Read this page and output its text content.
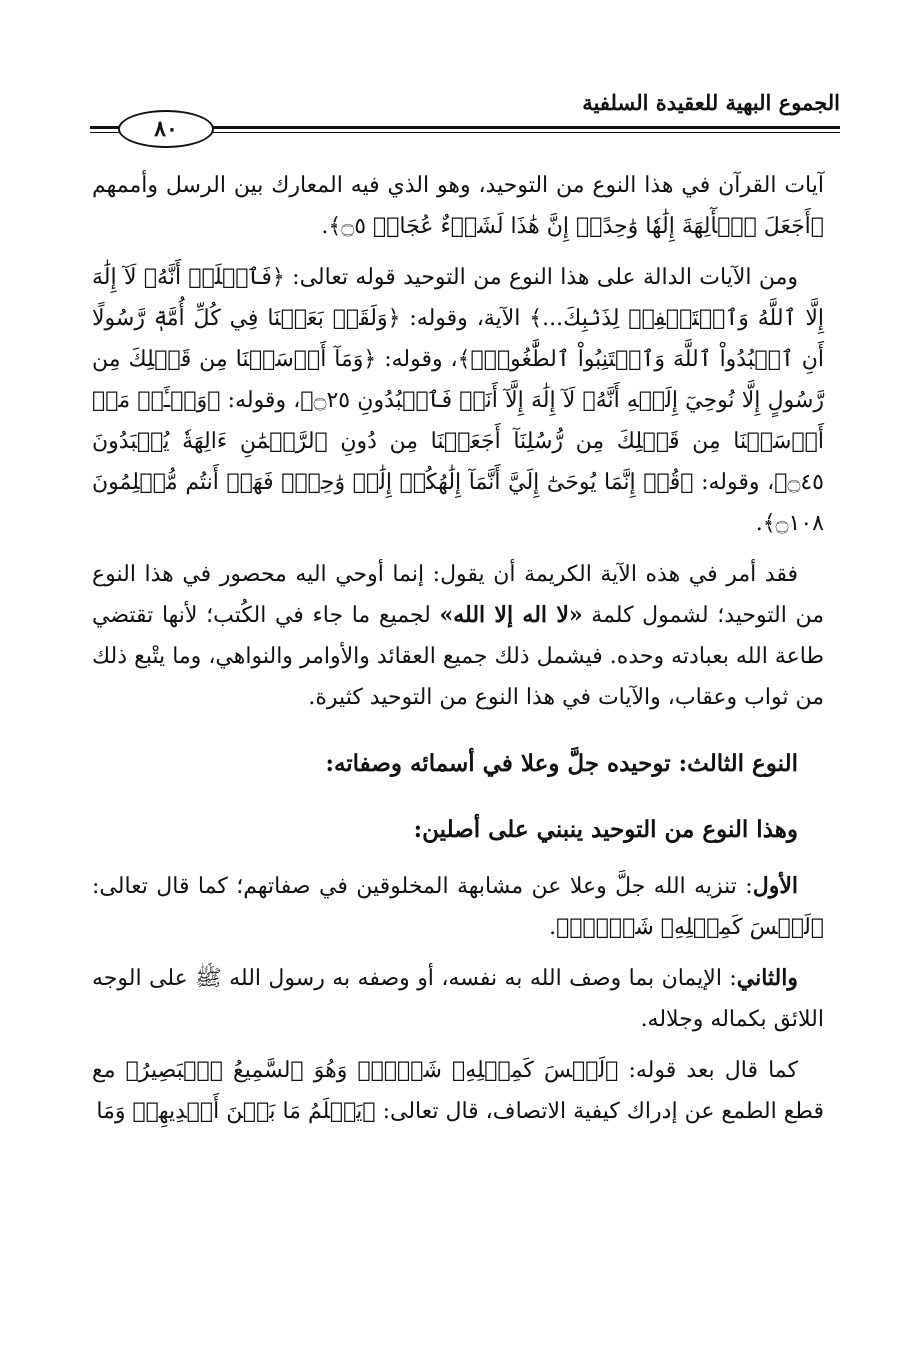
الجموع البهية للعقيدة السلفية
٨٠

آيات القرآن في هذا النوع من التوحيد، وهو الذي فيه المعارك بين الرسل وأممهم ﴿أَجَعَلَ ٱلۡأٓلِهَةَ إِلَٰهٗا وَٰحِدًاۖ إِنَّ هَٰذَا لَشَيۡءٌ عُجَابٞ ۝٥﴾.

ومن الآيات الدالة على هذا النوع من التوحيد قوله تعالى: ﴿فَٱعۡلَمۡ أَنَّهُۥ لَآ إِلَٰهَ إِلَّا ٱللَّهُ وَٱسۡتَغۡفِرۡ لِذَنۢبِكَ...﴾ الآية، وقوله: ﴿وَلَقَدۡ بَعَثۡنَا فِي كُلِّ أُمَّةٖ رَّسُولًا أَنِ ٱعۡبُدُواْ ٱللَّهَ وَٱجۡتَنِبُواْ ٱلطَّٰغُوتَۖ﴾، وقوله: ﴿وَمَآ أَرۡسَلۡنَا مِن قَبۡلِكَ مِن رَّسُولٍ إِلَّا نُوحِيٓ إِلَيۡهِ أَنَّهُۥ لَآ إِلَٰهَ إِلَّآ أَنَا۠ فَٱعۡبُدُونِ ۝٢٥﴾، وقوله: ﴿وَسۡـَٔلۡ مَنۡ أَرۡسَلۡنَا مِن قَبۡلِكَ مِن رُّسُلِنَآ أَجَعَلۡنَا مِن دُونِ ٱلرَّحۡمَٰنِ ءَالِهَةٗ يُعۡبَدُونَ ۝٤٥﴾، وقوله: ﴿قُلۡ إِنَّمَا يُوحَىٰٓ إِلَيَّ أَنَّمَآ إِلَٰهُكُمۡ إِلَٰهٞ وَٰحِدٞۖ فَهَلۡ أَنتُم مُّسۡلِمُونَ ۝١٠٨﴾.

فقد أمر في هذه الآية الكريمة أن يقول: إنما أوحي اليه محصور في هذا النوع من التوحيد؛ لشمول كلمة «لا اله إلا الله» لجميع ما جاء في الكُتب؛ لأنها تقتضي طاعة الله بعبادته وحده. فيشمل ذلك جميع العقائد والأوامر والنواهي، وما يتْبع ذلك من ثواب وعقاب، والآيات في هذا النوع من التوحيد كثيرة.

النوع الثالث: توحيده جلَّ وعلا في أسمائه وصفاته:
وهذا النوع من التوحيد ينبني على أصلين:

الأول: تنزيه الله جلَّ وعلا عن مشابهة المخلوقين في صفاتهم؛ كما قال تعالى: ﴿لَيۡسَ كَمِثۡلِهِۦ شَيۡءٞۖ﴾.

والثاني: الإيمان بما وصف الله به نفسه، أو وصفه به رسول الله ﷺ على الوجه اللائق بكماله وجلاله.

كما قال بعد قوله: ﴿لَيۡسَ كَمِثۡلِهِۦ شَيۡءٞۖ وَهُوَ ٱلسَّمِيعُ ٱلۡبَصِيرُ﴾ مع قطع الطمع عن إدراك كيفية الاتصاف، قال تعالى: ﴿يَعۡلَمُ مَا بَيۡنَ أَيۡدِيهِمۡ وَمَا
